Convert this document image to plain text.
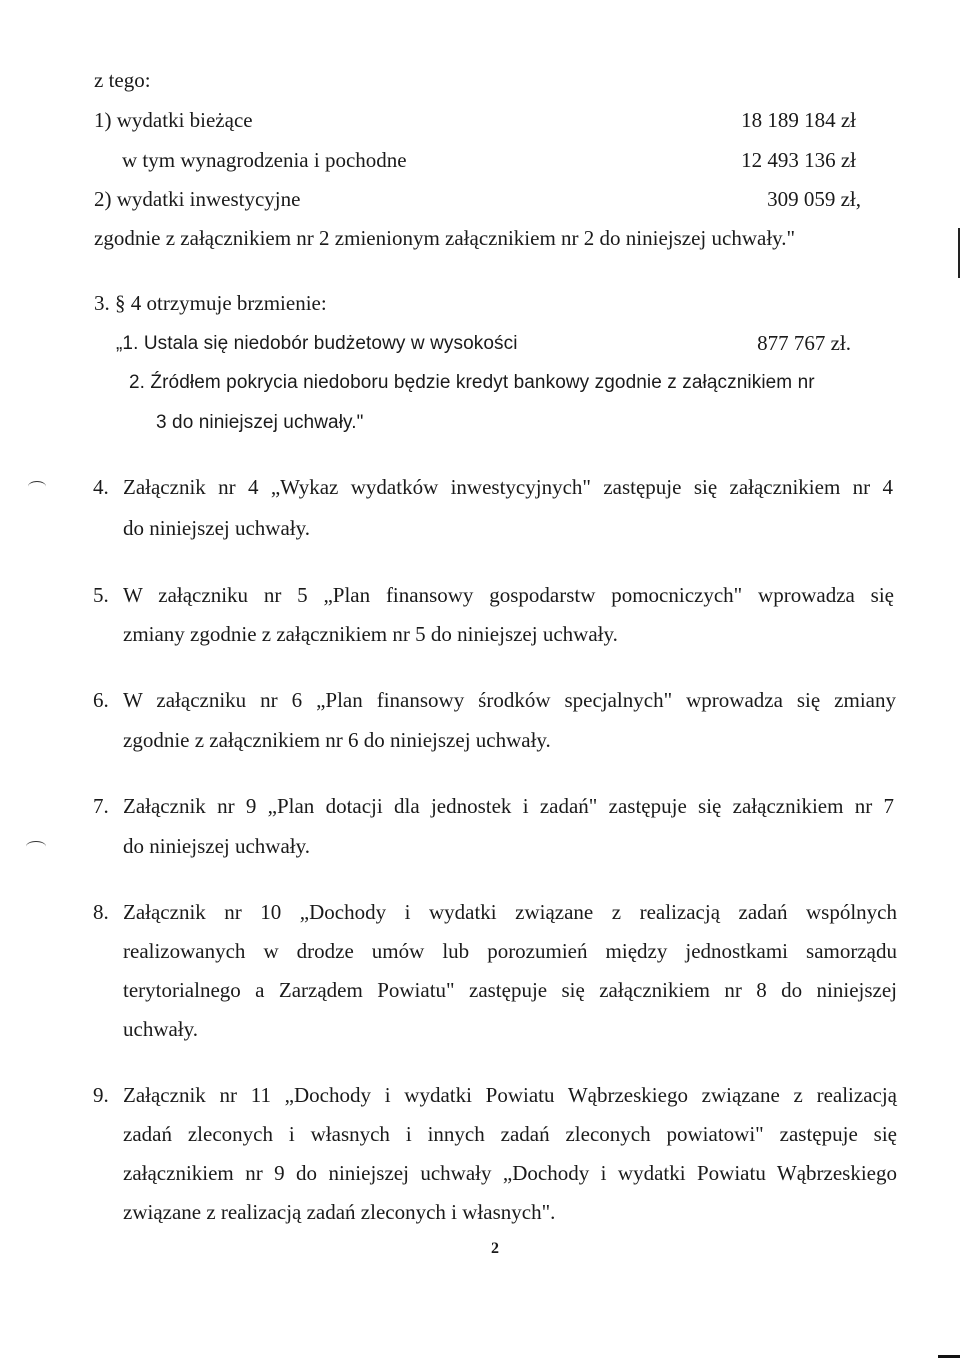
z tego:
1) wydatki bieżące	18 189 184 zł
w tym wynagrodzenia i pochodne	12 493 136 zł
2) wydatki inwestycyjne	309 059 zł,
zgodnie z załącznikiem nr 2 zmienionym załącznikiem nr 2 do niniejszej uchwały."
3. § 4 otrzymuje brzmienie:
„1. Ustala się niedobór budżetowy w wysokości	877 767 zł.
2. Źródłem pokrycia niedoboru będzie kredyt bankowy zgodnie z załącznikiem nr
3 do niniejszej uchwały."
4. Załącznik nr 4 „Wykaz wydatków inwestycyjnych" zastępuje się załącznikiem nr 4
do niniejszej uchwały.
5. W załączniku nr 5 „Plan finansowy gospodarstw pomocniczych" wprowadza się
zmiany zgodnie z załącznikiem nr 5 do niniejszej uchwały.
6. W załączniku nr 6 „Plan finansowy środków specjalnych" wprowadza się zmiany
zgodnie z załącznikiem nr 6 do niniejszej uchwały.
7. Załącznik nr 9 „Plan dotacji dla jednostek i zadań" zastępuje się załącznikiem nr 7
do niniejszej uchwały.
8. Załącznik nr 10 „Dochody i wydatki związane z realizacją zadań wspólnych
realizowanych w drodze umów lub porozumień między jednostkami samorządu
terytorialnego a Zarządem Powiatu" zastępuje się załącznikiem nr 8 do niniejszej
uchwały.
9. Załącznik nr 11 „Dochody i wydatki Powiatu Wąbrzeskiego związane z realizacją
zadań zleconych i własnych i innych zadań zleconych powiatowi" zastępuje się
załącznikiem nr 9 do niniejszej uchwały „Dochody i wydatki Powiatu Wąbrzeskiego
związane z realizacją zadań zleconych i własnych".
2
